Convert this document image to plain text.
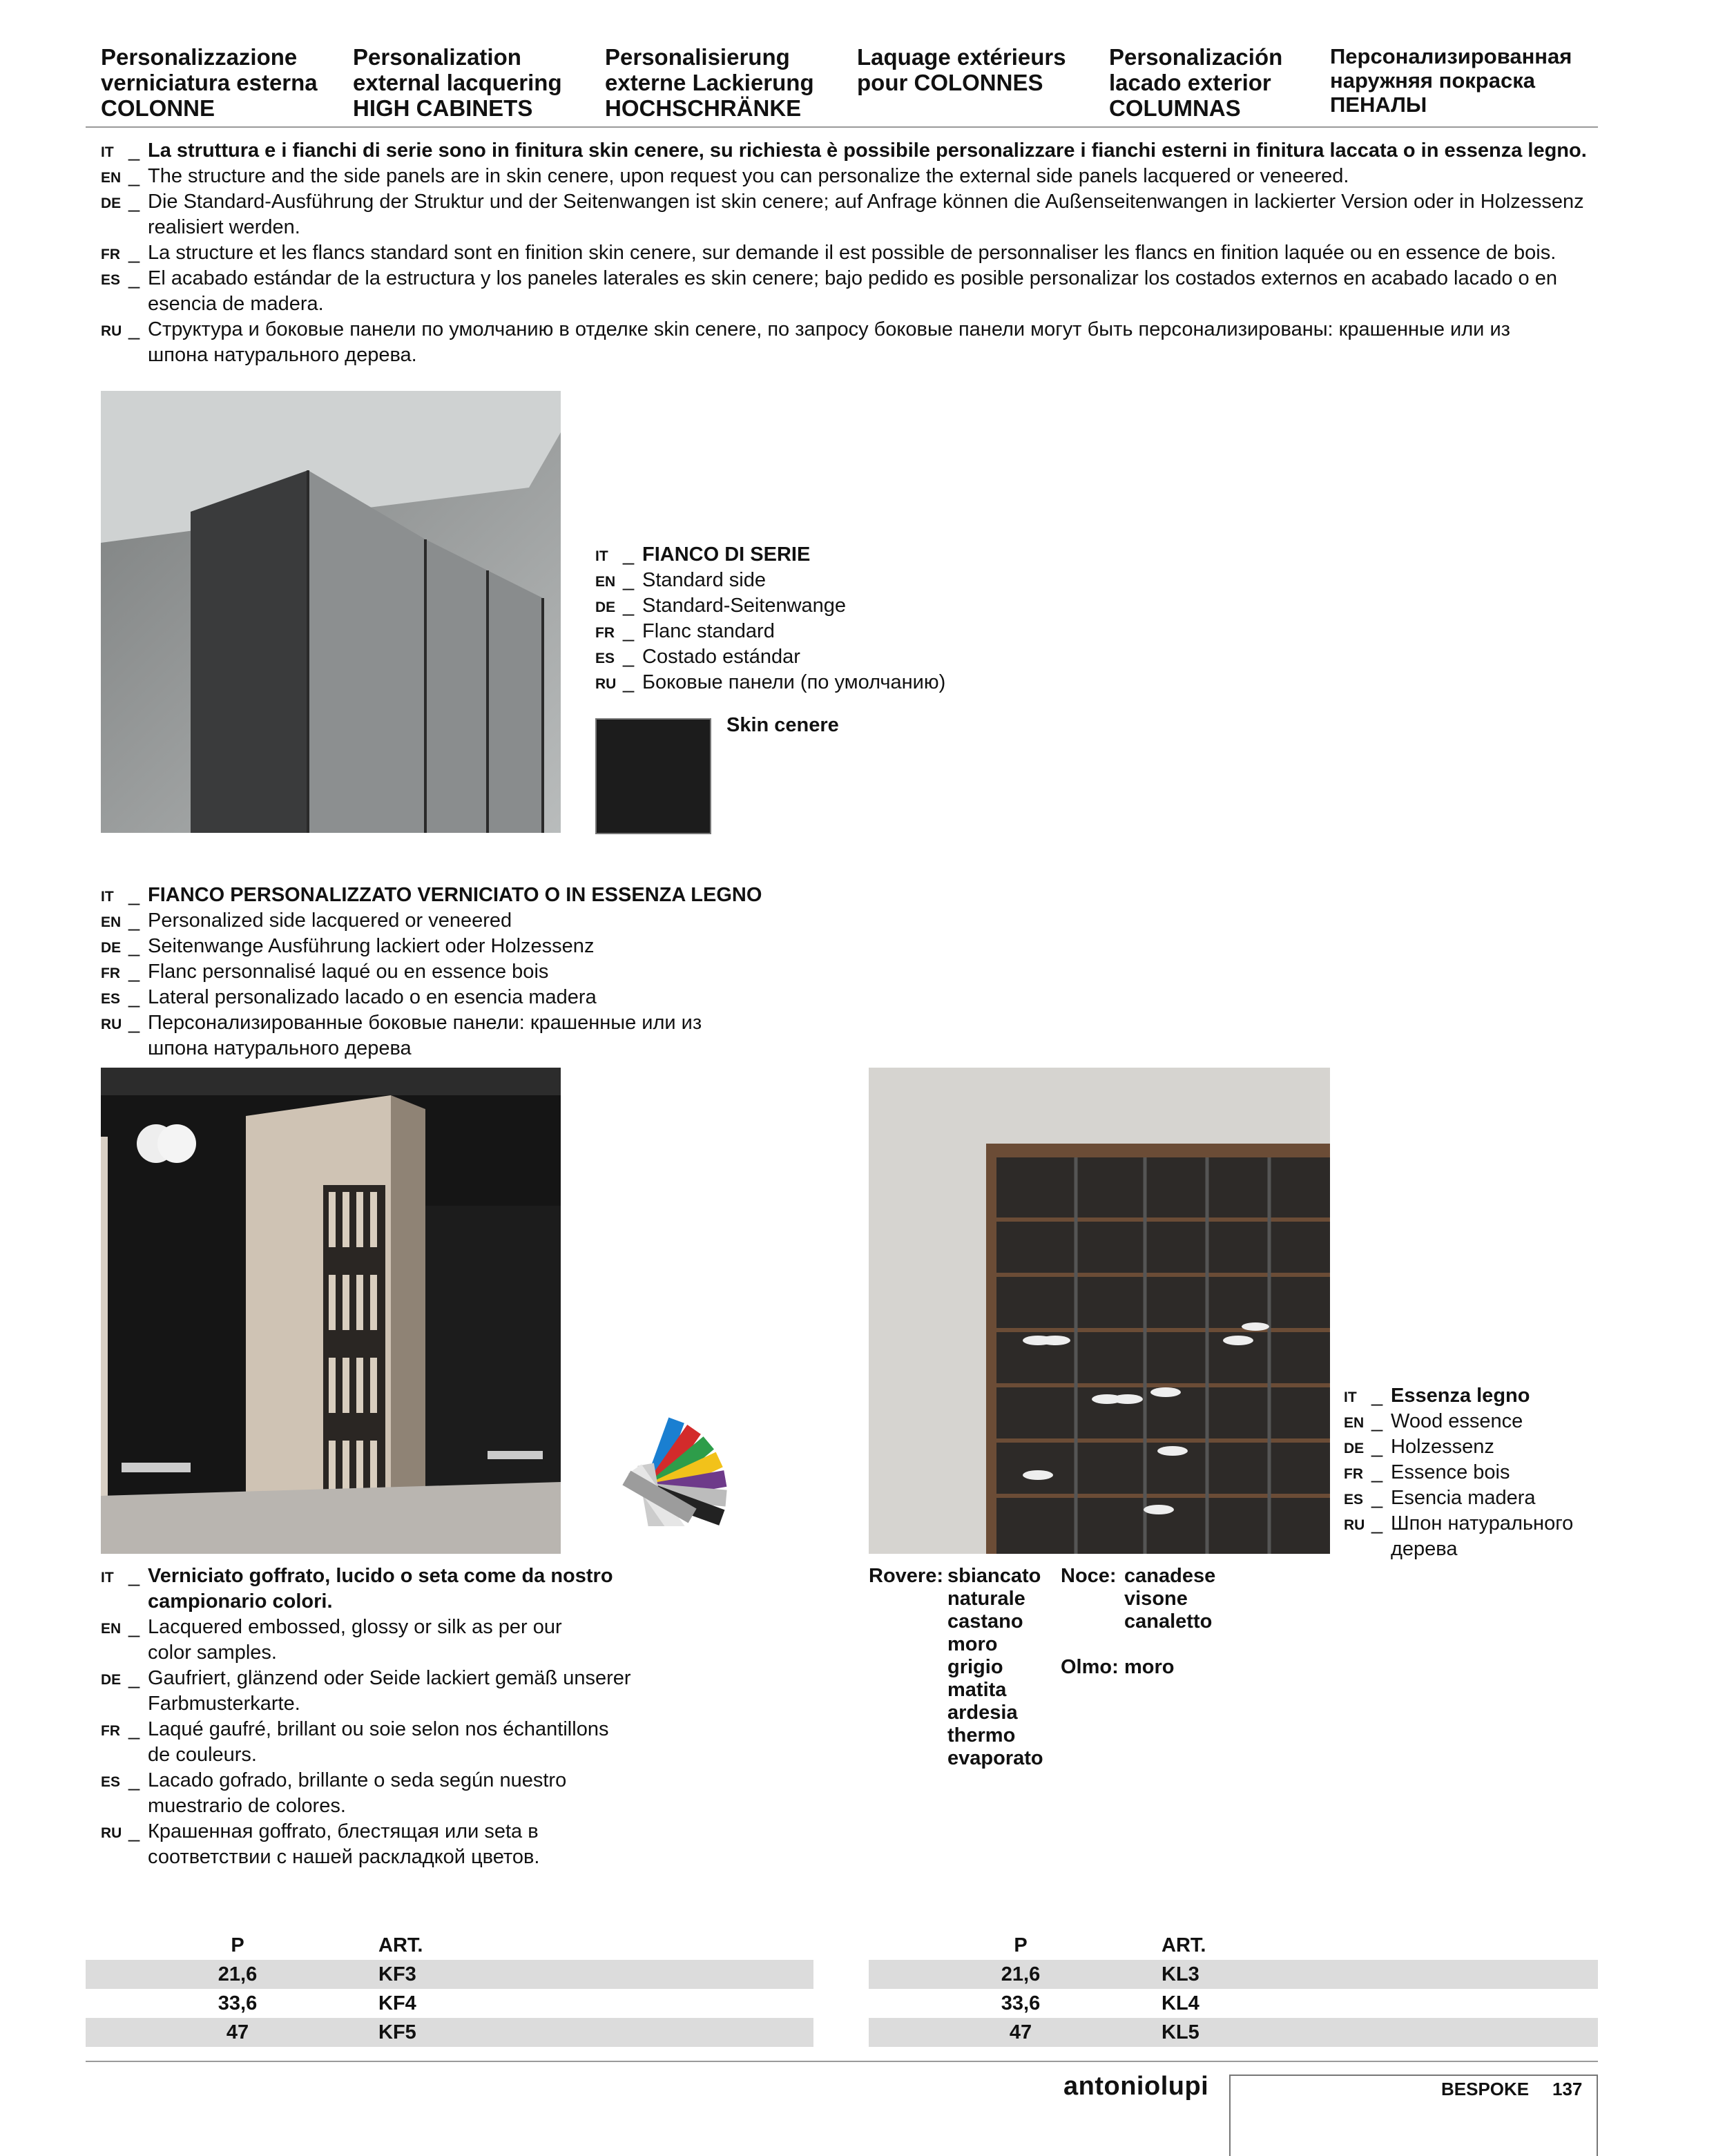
Personalizzazione
verniciatura esterna
COLONNE
Personalization
external lacquering
HIGH CABINETS
Personalisierung
externe Lackierung
HOCHSCHRÄNKE
Laquage extérieurs
pour COLONNES
Personalización
lacado exterior
COLUMNAS
Персонализированная
наружняя покраска
ПЕНАЛЫ
IT _ La struttura e i fianchi di serie sono in finitura skin cenere, su richiesta è possibile personalizzare i fianchi esterni in finitura laccata o in essenza legno.
EN _ The structure and the side panels are in skin cenere, upon request you can personalize the external side panels lacquered or veneered.
DE _ Die Standard-Ausführung der Struktur und der Seitenwangen ist skin cenere; auf Anfrage können die Außenseitenwangen in lackierter Version oder in Holzessenz
realisiert werden.
FR _ La structure et les flancs standard sont en finition skin cenere, sur demande il est possible de personnaliser les flancs en finition laquée ou en essence de bois.
ES _ El acabado estándar de la estructura y los paneles laterales es skin cenere; bajo pedido es posible personalizar los costados externos en acabado lacado o en
esencia de madera.
RU _ Структура и боковые панели по умолчанию в отделке skin cenere, по запросу боковые панели могут быть персонализированы: крашенные или из
шпона натурального дерева.
IT _ FIANCO DI SERIE
EN _ Standard side
DE _ Standard-Seitenwange
FR _ Flanc standard
ES _ Costado estándar
RU _ Боковые панели (по умолчанию)
Skin cenere
IT _ FIANCO PERSONALIZZATO VERNICIATO O IN ESSENZA LEGNO
EN _ Personalized side lacquered or veneered
DE _ Seitenwange Ausführung lackiert oder Holzessenz
FR _ Flanc personnalisé laqué ou en essence bois
ES _ Lateral personalizado lacado o en esencia madera
RU _ Персонализированные боковые панели: крашенные или из
шпона натурального дерева
IT _ Essenza legno
EN _ Wood essence
DE _ Holzessenz
FR _ Essence bois
ES _ Esencia madera
RU _ Шпон натурального
дерева
IT _ Verniciato goffrato, lucido o seta come da nostro
campionario colori.
EN _ Lacquered embossed, glossy or silk as per our
color samples.
DE _ Gaufriert, glänzend oder Seide lackiert gemäß unserer
Farbmusterkarte.
FR _ Laqué gaufré, brillant ou soie selon nos échantillons
de couleurs.
ES _ Lacado gofrado, brillante o seda según nuestro
muestrario de colores.
RU _ Крашенная goffrato, блестящая или seta в
соответствии с нашей раскладкой цветов.
Rovere: sbiancato
naturale
castano
moro
grigio
matita
ardesia
thermo
evaporato
Noce: canadese
visone
canaletto
Olmo: moro
P	ART.
21,6	KF3
33,6	KF4
47	KF5
P	ART.
21,6	KL3
33,6	KL4
47	KL5
antoniolupi	BESPOKE 137
